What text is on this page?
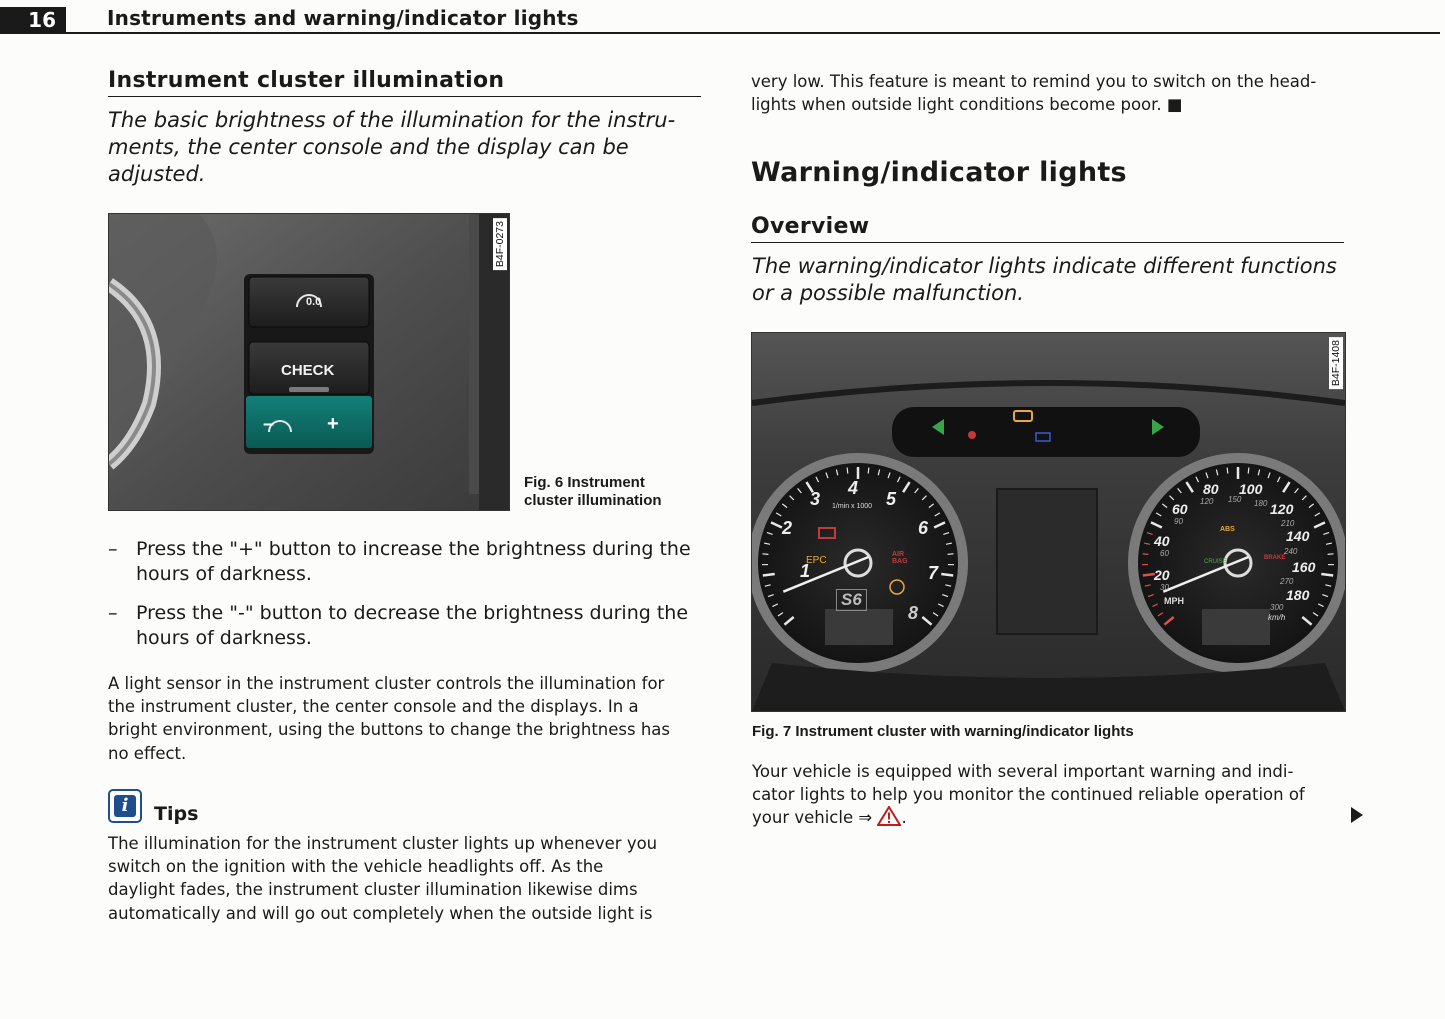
16	Instruments and warning/indicator lights
Instrument cluster illumination
The basic brightness of the illumination for the instru-
ments, the center console and the display can be
adjusted.
0.0
CHECK
–	+
B4F-0273
Fig. 6 Instrument
cluster illumination
– Press the "+" button to increase the brightness during the
hours of darkness.
– Press the "-" button to decrease the brightness during the
hours of darkness.
A light sensor in the instrument cluster controls the illumination for
the instrument cluster, the center console and the displays. In a
bright environment, using the buttons to change the brightness has
no effect.
i	Tips
The illumination for the instrument cluster lights up whenever you
switch on the ignition with the vehicle headlights off. As the
daylight fades, the instrument cluster illumination likewise dims
automatically and will go out completely when the outside light is
very low. This feature is meant to remind you to switch on the head-
lights when outside light conditions become poor. ■
Warning/indicator lights
Overview
The warning/indicator lights indicate different functions
or a possible malfunction.
B4F-1408
1
2
3
4
5
6
7
8
1/min x 1000
EPC
AIR
BAG
S6
20
40
60
80 100
120
140
160
180
30
60
90
120 150 180
210
240
270
300
MPH
km/h
ABS
BRAKE
CRUISE
Fig. 7 Instrument cluster with warning/indicator lights
Your vehicle is equipped with several important warning and indi-
cator lights to help you monitor the continued reliable operation of
your vehicle ⇒ .
